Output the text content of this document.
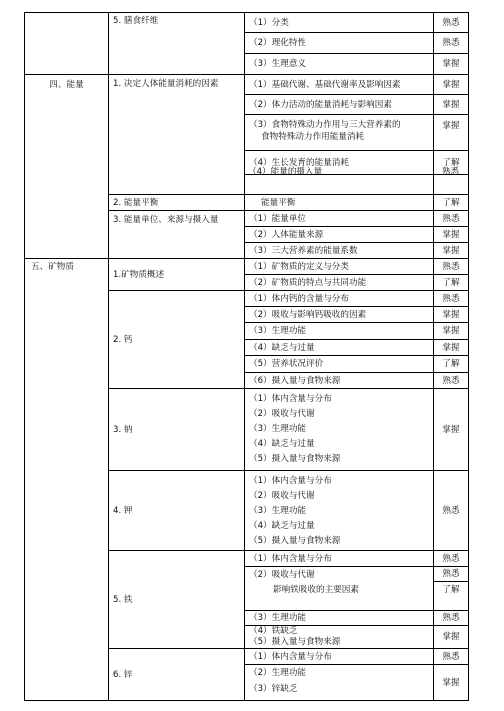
四、能量
五、矿物质
5. 膳食纤维
1. 决定人体能量消耗的因素
2. 能量平衡
3. 能量单位、来源与摄入量
1.矿物质概述
2. 钙
3. 钠
4. 钾
5. 铁
6. 锌
（1）分类
（2）理化特性
（3）生理意义
（1）基础代谢、基础代谢率及影响因素
（2）体力活动的能量消耗与影响因素
（3）食物特殊动力作用与三大营养素的
食物特殊动力作用能量消耗
（4）生长发育的能量消耗
能量平衡
（1）能量单位
（2）人体能量来源
（3）三大营养素的能量系数
（1）矿物质的定义与分类
（2）矿物质的特点与共同功能
（1）体内钙的含量与分布
（2）吸收与影响钙吸收的因素
（3）生理功能
（4）缺乏与过量
（5）营养状况评价
（6）摄入量与食物来源
（1）体内含量与分布
（2）吸收与代谢
（3）生理功能
（4）缺乏与过量
（5）摄入量与食物来源
（1）体内含量与分布
（2）吸收与代谢
（3）生理功能
（4）缺乏与过量
（5）摄入量与食物来源
（1）体内含量与分布
（2）吸收与代谢
影响铁吸收的主要因素
（3）生理功能
（4）铁缺乏
（5）摄入量与食物来源
（1）体内含量与分布
（2）生理功能
（3）锌缺乏
熟悉
熟悉
掌握
掌握
掌握
掌握
了解
了解
熟悉
掌握
掌握
熟悉
了解
熟悉
掌握
掌握
掌握
了解
熟悉
掌握
熟悉
熟悉
熟悉
了解
熟悉
掌握
熟悉
掌握
（4）能量的摄入量	熟悉
